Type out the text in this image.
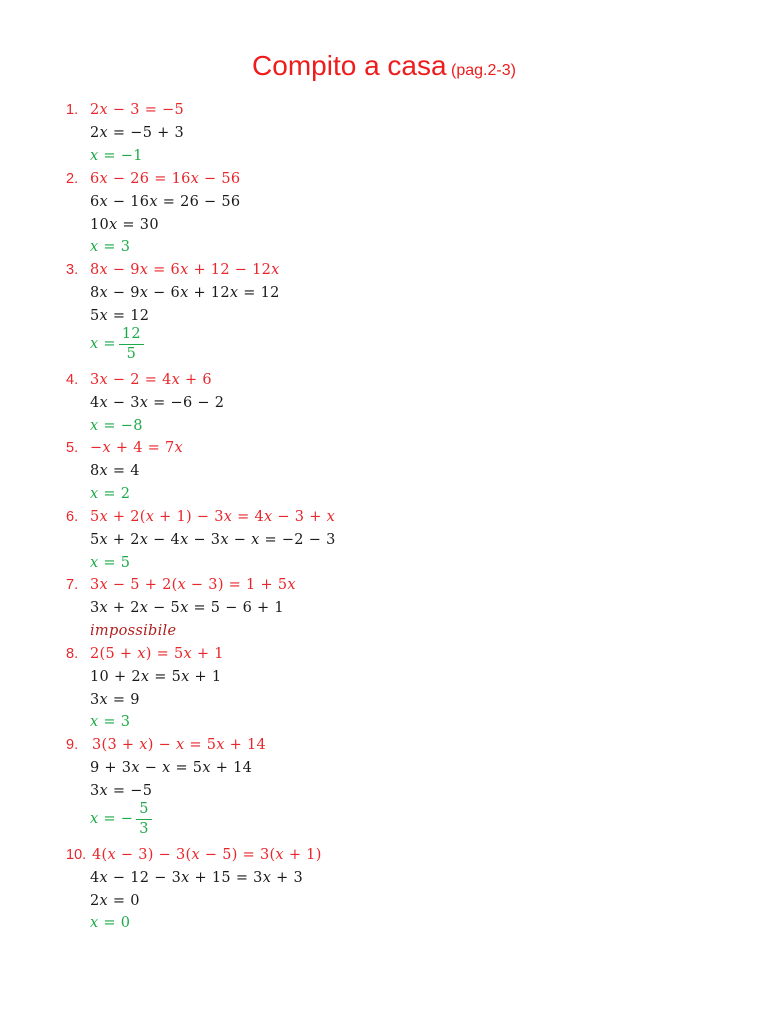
Compito a casa (pag.2-3)
1. 2𝑥 − 3 = −5
2𝑥 = −5 + 3
𝑥 = −1
2. 6𝑥 − 26 = 16𝑥 − 56
6𝑥 − 16𝑥 = 26 − 56
10𝑥 = 30
𝑥 = 3
3. 8𝑥 − 9𝑥 = 6𝑥 + 12 − 12𝑥
8𝑥 − 9𝑥 − 6𝑥 + 12𝑥 = 12
5𝑥 = 12
𝑥 = $\frac{12}{5}$
4. 3𝑥 − 2 = 4𝑥 + 6
4𝑥 − 3𝑥 = −6 − 2
𝑥 = −8
5. −𝑥 + 4 = 7𝑥
8𝑥 = 4
𝑥 = 2
6. 5𝑥 + 2(𝑥 + 1) − 3𝑥 = 4𝑥 − 3 + 𝑥
5𝑥 + 2𝑥 − 4𝑥 − 3𝑥 − 𝑥 = −2 − 3
𝑥 = 5
7. 3𝑥 − 5 + 2(𝑥 − 3) = 1 + 5𝑥
3𝑥 + 2𝑥 − 5𝑥 = 5 − 6 + 1
impossibile
8. 2(5 + 𝑥) = 5𝑥 + 1
10 + 2𝑥 = 5𝑥 + 1
3𝑥 = 9
𝑥 = 3
9. 3(3 + 𝑥) − 𝑥 = 5𝑥 + 14
9 + 3𝑥 − 𝑥 = 5𝑥 + 14
3𝑥 = −5
𝑥 = − $\frac{5}{3}$
10. 4(𝑥 − 3) − 3(𝑥 − 5) = 3(𝑥 + 1)
4𝑥 − 12 − 3𝑥 + 15 = 3𝑥 + 3
2𝑥 = 0
𝑥 = 0
